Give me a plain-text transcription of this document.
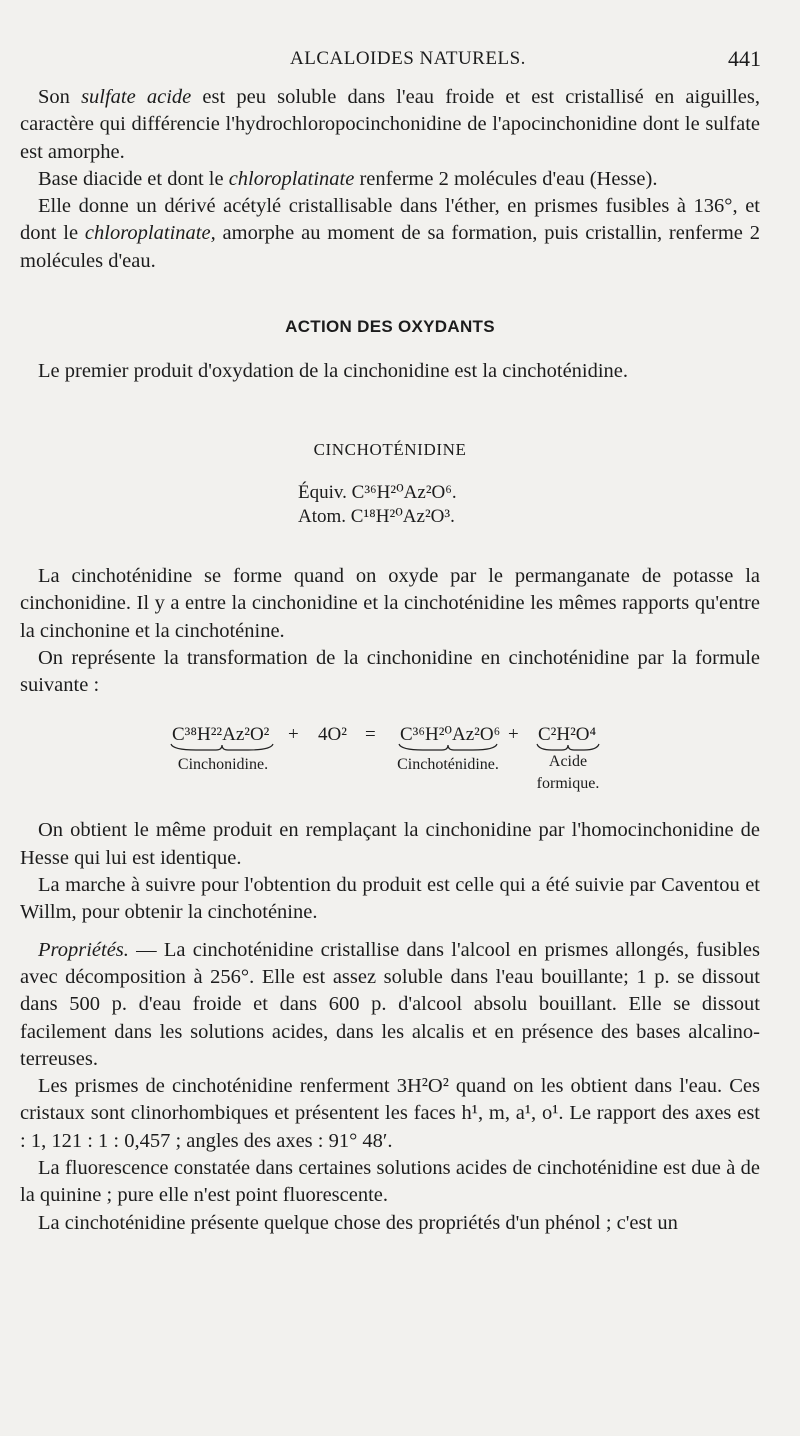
ALCALOIDES NATURELS.	441

Son sulfate acide est peu soluble dans l'eau froide et est cristallisé en aiguilles, caractère qui différencie l'hydrochloropocinchonidine de l'apocinchonidine dont le sulfate est amorphe.

Base diacide et dont le chloroplatinate renferme 2 molécules d'eau (Hesse).

Elle donne un dérivé acétylé cristallisable dans l'éther, en prismes fusibles à 136°, et dont le chloroplatinate, amorphe au moment de sa formation, puis cristallin, renferme 2 molécules d'eau.

ACTION DES OXYDANTS

Le premier produit d'oxydation de la cinchonidine est la cinchoténidine.

CINCHOTÉNIDINE
Équiv. C³⁶H²⁰Az²O⁶.
Atom. C¹⁸H²⁰Az²O³.

La cinchoténidine se forme quand on oxyde par le permanganate de potasse la cinchonidine. Il y a entre la cinchonidine et la cinchoténidine les mêmes rapports qu'entre la cinchonine et la cinchoténine.

On représente la transformation de la cinchonidine en cinchoténidine par la formule suivante :

C³⁸H²²Az²O² + 4O² = C³⁶H²⁰Az²O⁶ + C²H²O⁴
Cinchonidine.	Cinchoténidine.	Acide
formique.

On obtient le même produit en remplaçant la cinchonidine par l'homocinchonidine de Hesse qui lui est identique.

La marche à suivre pour l'obtention du produit est celle qui a été suivie par Caventou et Willm, pour obtenir la cinchoténine.

Propriétés. — La cinchoténidine cristallise dans l'alcool en prismes allongés, fusibles avec décomposition à 256°. Elle est assez soluble dans l'eau bouillante; 1 p. se dissout dans 500 p. d'eau froide et dans 600 p. d'alcool absolu bouillant. Elle se dissout facilement dans les solutions acides, dans les alcalis et en présence des bases alcalino-terreuses.

Les prismes de cinchoténidine renferment 3H²O² quand on les obtient dans l'eau. Ces cristaux sont clinorhombiques et présentent les faces h¹, m, a¹, o¹. Le rapport des axes est : 1, 121 : 1 : 0,457 ; angles des axes : 91° 48′.

La fluorescence constatée dans certaines solutions acides de cinchoténidine est due à de la quinine ; pure elle n'est point fluorescente.

La cinchoténidine présente quelque chose des propriétés d'un phénol ; c'est un
